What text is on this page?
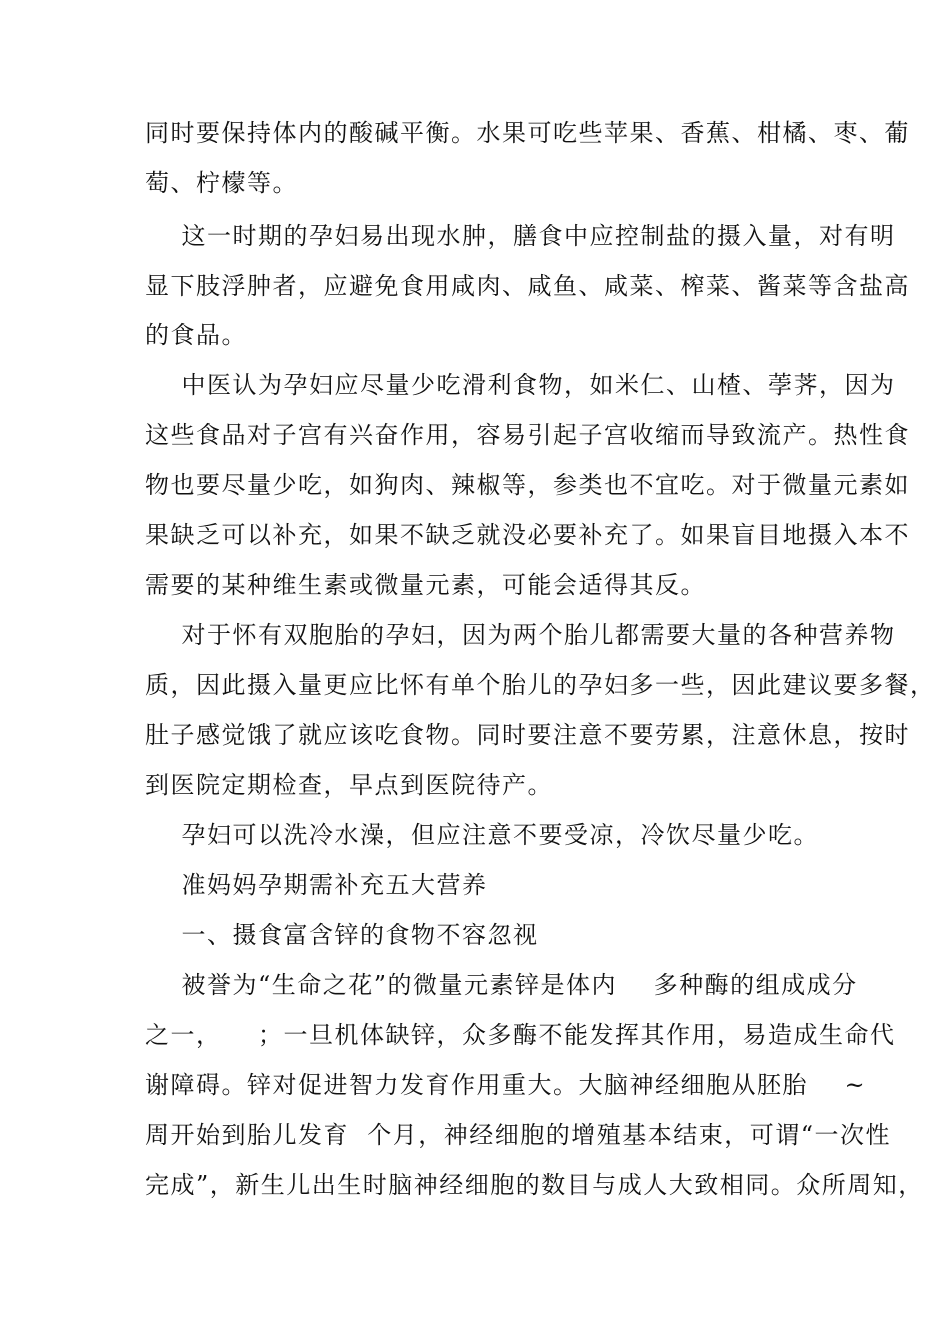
同时要保持体内的酸碱平衡。水果可吃些苹果、香蕉、柑橘、枣、葡
萄、柠檬等。
这一时期的孕妇易出现水肿，膳食中应控制盐的摄入量，对有明
显下肢浮肿者，应避免食用咸肉、咸鱼、咸菜、榨菜、酱菜等含盐高
的食品。
中医认为孕妇应尽量少吃滑利食物，如米仁、山楂、荸荠，因为
这些食品对子宫有兴奋作用，容易引起子宫收缩而导致流产。热性食
物也要尽量少吃，如狗肉、辣椒等，参类也不宜吃。对于微量元素如
果缺乏可以补充，如果不缺乏就没必要补充了。如果盲目地摄入本不
需要的某种维生素或微量元素，可能会适得其反。
对于怀有双胞胎的孕妇，因为两个胎儿都需要大量的各种营养物
质，因此摄入量更应比怀有单个胎儿的孕妇多一些，因此建议要多餐，
肚子感觉饿了就应该吃食物。同时要注意不要劳累，注意休息，按时
到医院定期检查，早点到医院待产。
孕妇可以洗冷水澡，但应注意不要受凉，冷饮尽量少吃。
准妈妈孕期需补充五大营养
一、摄食富含锌的食物不容忽视
被誉为“生命之花”的微量元素锌是体内    多种酶的组成成分
之一，    ；一旦机体缺锌，众多酶不能发挥其作用，易造成生命代
谢障碍。锌对促进智力发育作用重大。大脑神经细胞从胚胎    ~
周开始到胎儿发育  个月，神经细胞的增殖基本结束，可谓“一次性
完成”，新生儿出生时脑神经细胞的数目与成人大致相同。众所周知，
